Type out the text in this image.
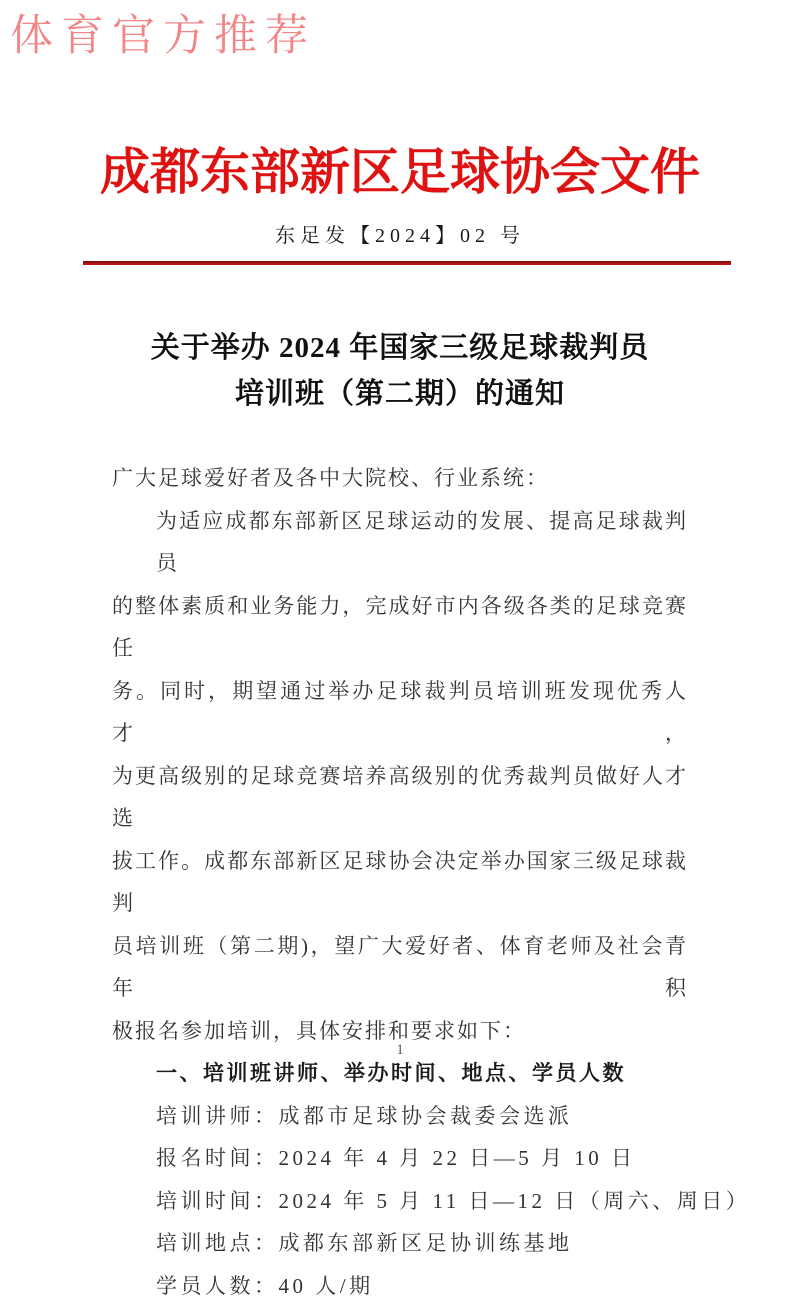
体育官方推荐
成都东部新区足球协会文件
东足发【2024】02 号
关于举办 2024 年国家三级足球裁判员
培训班（第二期）的通知
广大足球爱好者及各中大院校、行业系统：
为适应成都东部新区足球运动的发展、提高足球裁判员
的整体素质和业务能力，完成好市内各级各类的足球竞赛任
务。同时，期望通过举办足球裁判员培训班发现优秀人才，
为更高级别的足球竞赛培养高级别的优秀裁判员做好人才选
拔工作。成都东部新区足球协会决定举办国家三级足球裁判
员培训班（第二期)，望广大爱好者、体育老师及社会青年积
极报名参加培训，具体安排和要求如下：
一、培训班讲师、举办时间、地点、学员人数
培训讲师：成都市足球协会裁委会选派
报名时间：2024 年 4 月 22 日—5 月 10 日
培训时间：2024 年 5 月 11 日—12 日（周六、周日）
培训地点：成都东部新区足协训练基地
学员人数：40 人/期
1
